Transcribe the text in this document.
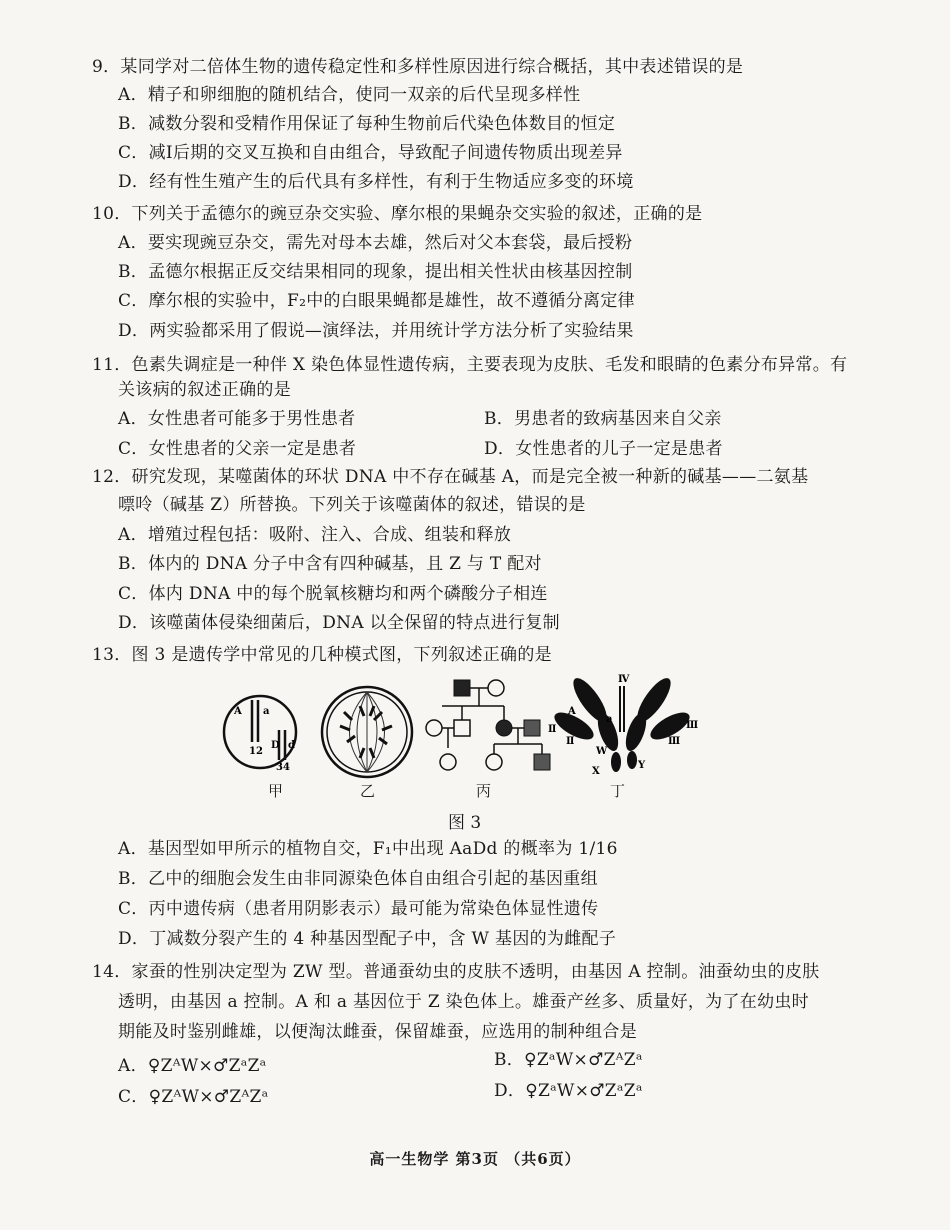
9．某同学对二倍体生物的遗传稳定性和多样性原因进行综合概括，其中表述错误的是
A．精子和卵细胞的随机结合，使同一双亲的后代呈现多样性
B．减数分裂和受精作用保证了每种生物前后代染色体数目的恒定
C．减Ⅰ后期的交叉互换和自由组合，导致配子间遗传物质出现差异
D．经有性生殖产生的后代具有多样性，有利于生物适应多变的环境
10．下列关于孟德尔的豌豆杂交实验、摩尔根的果蝇杂交实验的叙述，正确的是
A．要实现豌豆杂交，需先对母本去雄，然后对父本套袋，最后授粉
B．孟德尔根据正反交结果相同的现象，提出相关性状由核基因控制
C．摩尔根的实验中，F₂中的白眼果蝇都是雄性，故不遵循分离定律
D．两实验都采用了假说—演绎法，并用统计学方法分析了实验结果
11．色素失调症是一种伴 X 染色体显性遗传病，主要表现为皮肤、毛发和眼睛的色素分布异常。有
关该病的叙述正确的是
A．女性患者可能多于男性患者	B．男患者的致病基因来自父亲
C．女性患者的父亲一定是患者	D．女性患者的儿子一定是患者
12．研究发现，某噬菌体的环状 DNA 中不存在碱基 A，而是完全被一种新的碱基——二氨基
嘌呤（碱基 Z）所替换。下列关于该噬菌体的叙述，错误的是
A．增殖过程包括：吸附、注入、合成、组装和释放
B．体内的 DNA 分子中含有四种碱基，且 Z 与 T 配对
C．体内 DNA 中的每个脱氧核糖均和两个磷酸分子相连
D．该噬菌体侵染细菌后，DNA 以全保留的特点进行复制
13．图 3 是遗传学中常见的几种模式图，下列叙述正确的是
A a
12
D d
34
Ⅳ
A
a
Ⅱ
Ⅱ
Ⅲ
Ⅲ
W
X
Y
甲	乙	丙	丁
图 3
A．基因型如甲所示的植物自交，F₁中出现 AaDd 的概率为 1/16
B．乙中的细胞会发生由非同源染色体自由组合引起的基因重组
C．丙中遗传病（患者用阴影表示）最可能为常染色体显性遗传
D．丁减数分裂产生的 4 种基因型配子中，含 W 基因的为雌配子
14．家蚕的性别决定型为 ZW 型。普通蚕幼虫的皮肤不透明，由基因 A 控制。油蚕幼虫的皮肤
透明，由基因 a 控制。A 和 a 基因位于 Z 染色体上。雄蚕产丝多、质量好，为了在幼虫时
期能及时鉴别雌雄，以便淘汰雌蚕，保留雄蚕，应选用的制种组合是
A．♀ZᴬW×♂ZᵃZᵃ	B．♀ZᵃW×♂ZᴬZᵃ
C．♀ZᴬW×♂ZᴬZᵃ	D．♀ZᵃW×♂ZᵃZᵃ
高一生物学 第3页 （共6页）
